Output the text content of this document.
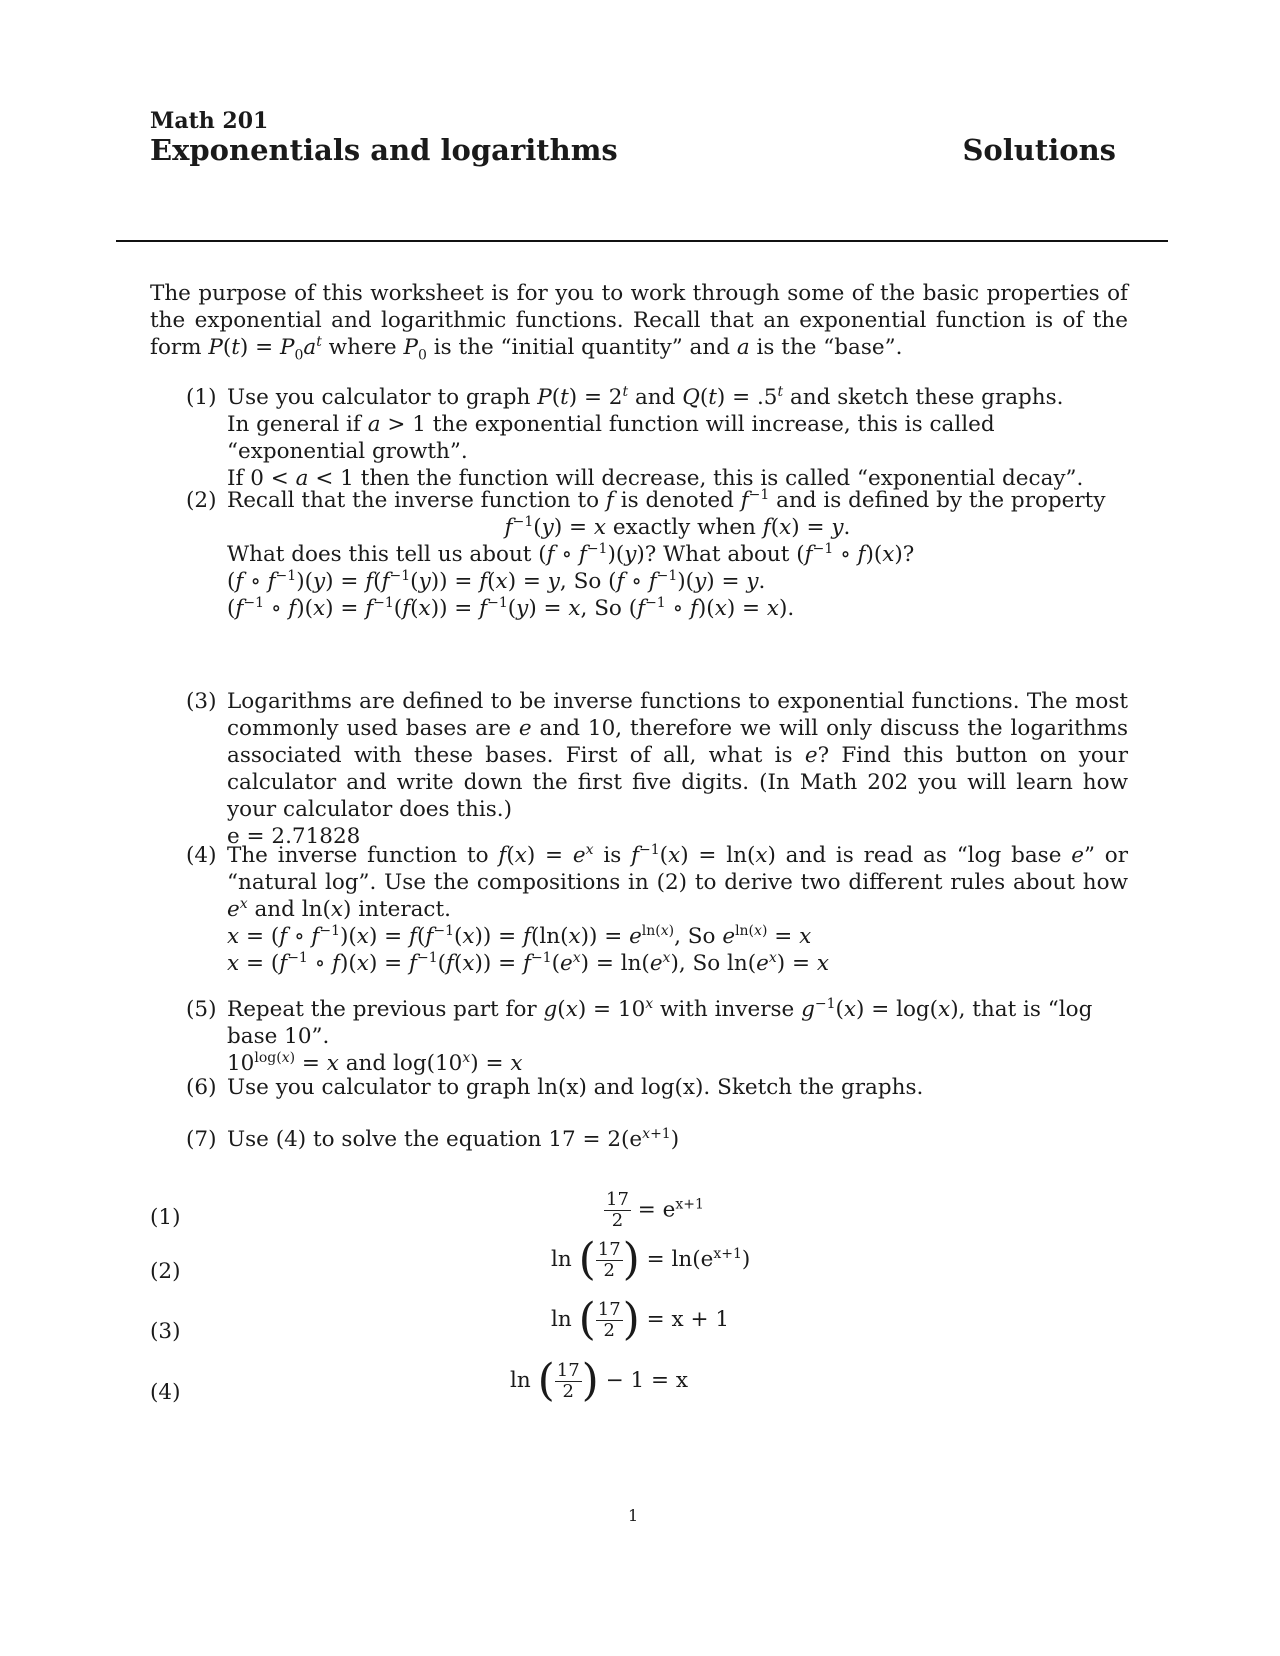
Math 201
Exponentials and logarithms	Solutions
The purpose of this worksheet is for you to work through some of the basic properties of the exponential and logarithmic functions. Recall that an exponential function is of the form $P(t) = P_0a^t$ where $P_0$ is the “initial quantity” and a is the “base”.
(1) Use you calculator to graph $P(t) = 2^t$ and $Q(t) = .5^t$ and sketch these graphs.

In general if a > 1 the exponential function will increase, this is called “exponential growth”.

If 0 < a < 1 then the function will decrease, this is called “exponential decay”.

(2) Recall that the inverse function to f is denoted $f^{-1}$ and is defined by the property

$f^{-1}(y) = x$ exactly when f(x) = y.

What does this tell us about (f ∘ $f^{-1})(y)$? What about ($f^{-1}$ ∘ f)(x)?

(f ∘ $f^{-1})(y) = f(f^{-1}(y)) = f(x) = y$, So (f ∘ $f^{-1})(y) = y$.

($f^{-1}$ ∘ $f)(x) = f^{-1}(f(x)) = f^{-1}(y) = x$, So ($f^{-1}$ ∘ f)(x) = x).

(3) Logarithms are defined to be inverse functions to exponential functions. The most commonly used bases are e and 10, therefore we will only discuss the logarithms associated with these bases. First of all, what is e? Find this button on your calculator and write down the first five digits. (In Math 202 you will learn how your calculator does this.)

e = 2.71828

(4) The inverse function to $f(x) = e^x$ is $f^{-1}(x) = \ln(x)$ and is read as “log base e” or “natural log”. Use the compositions in (2) to derive two different rules about how $e^x$ and ln(x) interact.

x = (f ∘ $f^{-1})(x) = f(f^{-1}(x)) = f(\ln(x)) = e^{ln(x)}$, So $e^{ln(x)} = x$

$x = (f^{-1}$ ∘ $f)(x) = f^{-1}(f(x)) = f^{-1}(e^x) = \ln(e^x)$, So $\ln(e^x) = x$

(5) Repeat the previous part for $g(x) = 10^x$ with inverse $g^{-1}(x) = \log(x)$, that is “log base 10”.

$10^{log(x)} = x$ and $\log(10^x) = x$

(6) Use you calculator to graph ln(x) and log(x). Sketch the graphs.

(7) Use (4) to solve the equation $17 = 2(e^{x+1})$

(1)	$\frac{17}{2} = e^{x+1}$
(2)	ln ( $\frac{17}{2}$ ) = $\ln(e^{x+1})$
(3)	ln ( $\frac{17}{2}$ ) = x + 1
(4)	ln ( $\frac{17}{2}$ ) − 1 = x
1
